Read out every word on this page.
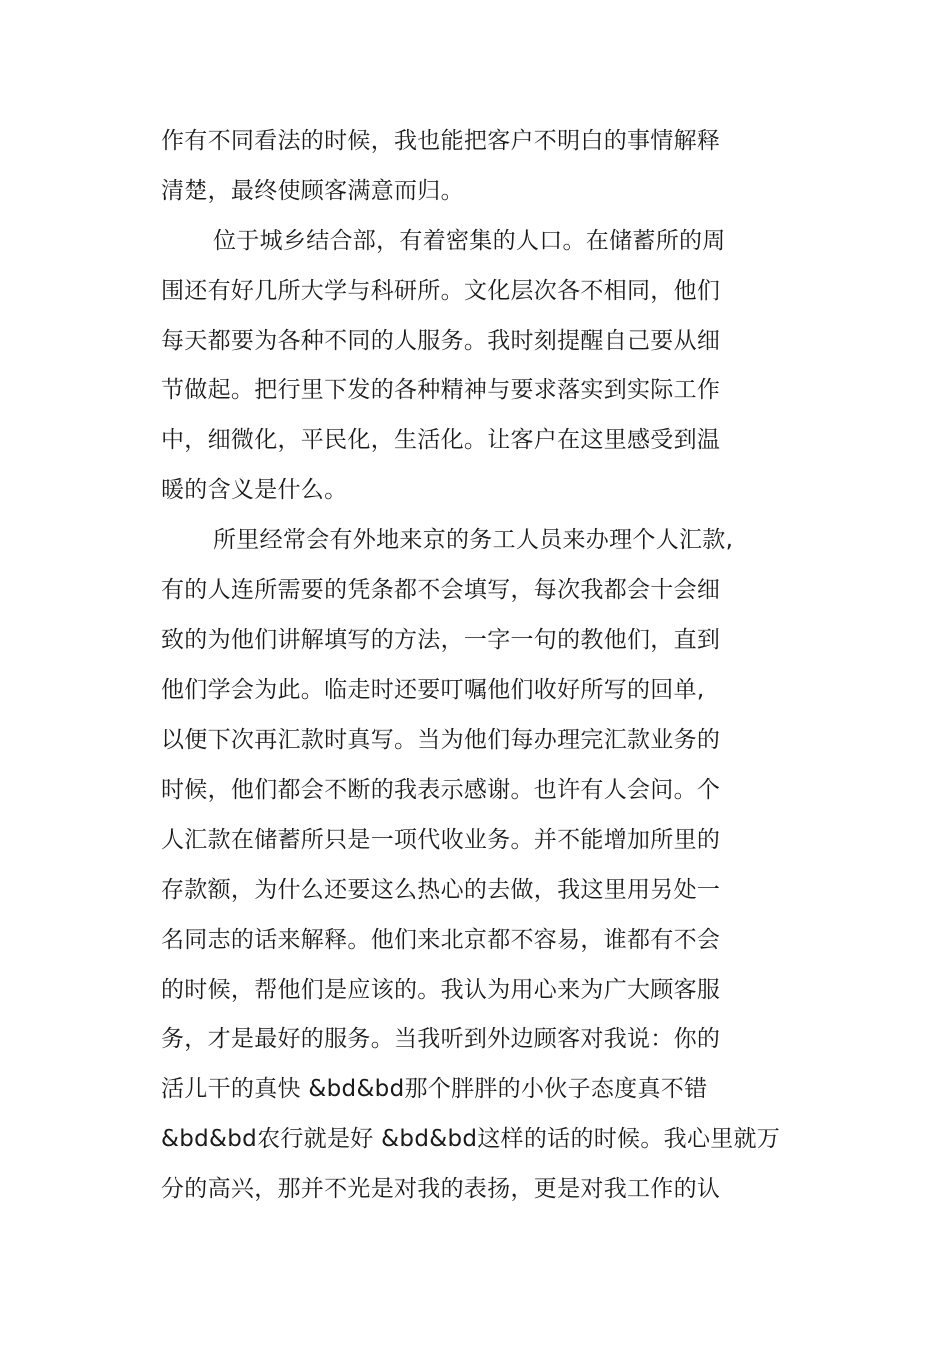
作有不同看法的时候，我也能把客户不明白的事情解释
清楚，最终使顾客满意而归。
位于城乡结合部，有着密集的人口。在储蓄所的周
围还有好几所大学与科研所。文化层次各不相同，他们
每天都要为各种不同的人服务。我时刻提醒自己要从细
节做起。把行里下发的各种精神与要求落实到实际工作
中，细微化，平民化，生活化。让客户在这里感受到温
暖的含义是什么。
所里经常会有外地来京的务工人员来办理个人汇款,
有的人连所需要的凭条都不会填写，每次我都会十会细
致的为他们讲解填写的方法，一字一句的教他们，直到
他们学会为此。临走时还要叮嘱他们收好所写的回单,
以便下次再汇款时真写。当为他们每办理完汇款业务的
时候，他们都会不断的我表示感谢。也许有人会问。个
人汇款在储蓄所只是一项代收业务。并不能增加所里的
存款额，为什么还要这么热心的去做，我这里用另处一
名同志的话来解释。他们来北京都不容易，谁都有不会
的时候，帮他们是应该的。我认为用心来为广大顾客服
务，才是最好的服务。当我听到外边顾客对我说：你的
活儿干的真快 &bd&bd那个胖胖的小伙子态度真不错
&bd&bd农行就是好 &bd&bd这样的话的时候。我心里就万
分的高兴，那并不光是对我的表扬，更是对我工作的认
